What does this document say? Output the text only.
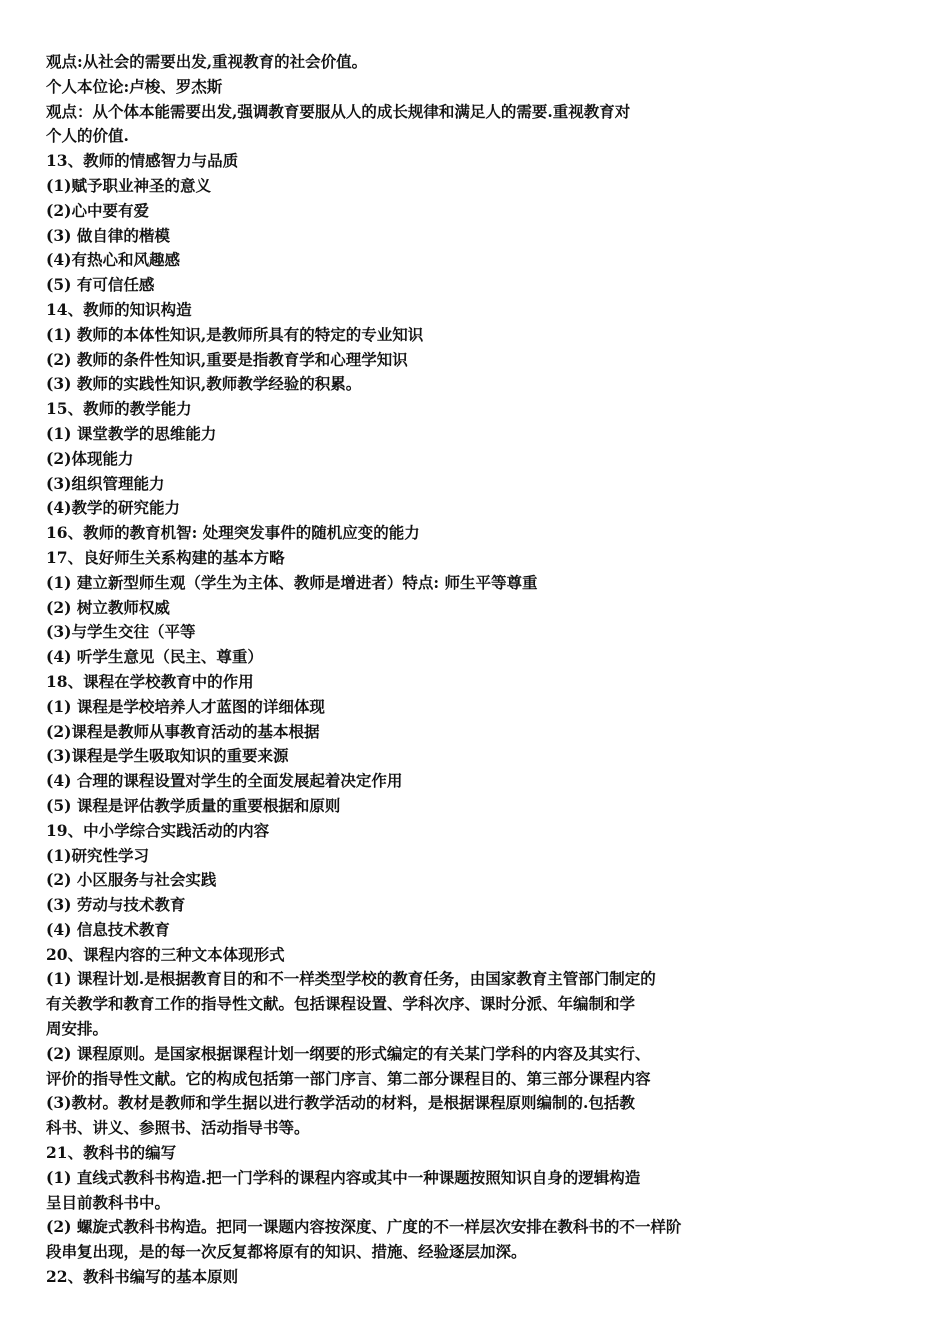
观点:从社会的需要出发,重视教育的社会价值。
个人本位论:卢梭、罗杰斯
观点：从个体本能需要出发,强调教育要服从人的成长规律和满足人的需要.重视教育对
个人的价值.
13、教师的情感智力与品质
(1)赋予职业神圣的意义
(2)心中要有爱
(3) 做自律的楷模
(4)有热心和风趣感
(5) 有可信任感
14、教师的知识构造
(1) 教师的本体性知识,是教师所具有的特定的专业知识
(2) 教师的条件性知识,重要是指教育学和心理学知识
(3) 教师的实践性知识,教师教学经验的积累。
15、教师的教学能力
(1) 课堂教学的思维能力
(2)体现能力
(3)组织管理能力
(4)教学的研究能力
16、教师的教育机智: 处理突发事件的随机应变的能力
17、良好师生关系构建的基本方略
(1) 建立新型师生观（学生为主体、教师是增进者）特点: 师生平等尊重
(2) 树立教师权威
(3)与学生交往（平等
(4) 听学生意见（民主、尊重）
18、课程在学校教育中的作用
(1) 课程是学校培养人才蓝图的详细体现
(2)课程是教师从事教育活动的基本根据
(3)课程是学生吸取知识的重要来源
(4) 合理的课程设置对学生的全面发展起着决定作用
(5) 课程是评估教学质量的重要根据和原则
19、中小学综合实践活动的内容
(1)研究性学习
(2) 小区服务与社会实践
(3) 劳动与技术教育
(4) 信息技术教育
20、课程内容的三种文本体现形式
(1) 课程计划.是根据教育目的和不一样类型学校的教育任务，由国家教育主管部门制定的
有关教学和教育工作的指导性文献。包括课程设置、学科次序、课时分派、年编制和学
周安排。
(2) 课程原则。是国家根据课程计划一纲要的形式编定的有关某门学科的内容及其实行、
评价的指导性文献。它的构成包括第一部门序言、第二部分课程目的、第三部分课程内容
(3)教材。教材是教师和学生据以进行教学活动的材料，是根据课程原则编制的.包括教
科书、讲义、参照书、活动指导书等。
21、教科书的编写
(1) 直线式教科书构造.把一门学科的课程内容或其中一种课题按照知识自身的逻辑构造
呈目前教科书中。
(2) 螺旋式教科书构造。把同一课题内容按深度、广度的不一样层次安排在教科书的不一样阶
段串复出现，是的每一次反复都将原有的知识、措施、经验逐层加深。
22、教科书编写的基本原则
